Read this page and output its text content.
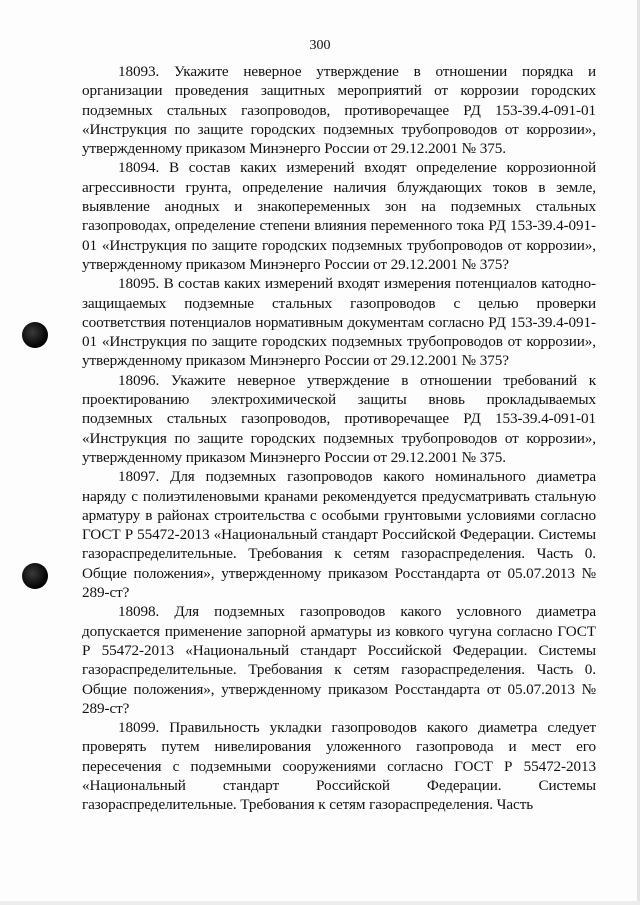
300

18093. Укажите неверное утверждение в отношении порядка и организации проведения защитных мероприятий от коррозии городских подземных стальных газопроводов, противоречащее РД 153-39.4-091-01 «Инструкция по защите городских подземных трубопроводов от коррозии», утвержденному приказом Минэнерго России от 29.12.2001 № 375.

18094. В состав каких измерений входят определение коррозионной агрессивности грунта, определение наличия блуждающих токов в земле, выявление анодных и знакопеременных зон на подземных стальных газопроводах, определение степени влияния переменного тока РД 153-39.4-091-01 «Инструкция по защите городских подземных трубопроводов от коррозии», утвержденному приказом Минэнерго России от 29.12.2001 № 375?

18095. В состав каких измерений входят измерения потенциалов катодно-защищаемых подземные стальных газопроводов с целью проверки соответствия потенциалов нормативным документам согласно РД 153-39.4-091-01 «Инструкция по защите городских подземных трубопроводов от коррозии», утвержденному приказом Минэнерго России от 29.12.2001 № 375?

18096. Укажите неверное утверждение в отношении требований к проектированию электрохимической защиты вновь прокладываемых подземных стальных газопроводов, противоречащее РД 153-39.4-091-01 «Инструкция по защите городских подземных трубопроводов от коррозии», утвержденному приказом Минэнерго России от 29.12.2001 № 375.

18097. Для подземных газопроводов какого номинального диаметра наряду с полиэтиленовыми кранами рекомендуется предусматривать стальную арматуру в районах строительства с особыми грунтовыми условиями согласно ГОСТ Р 55472-2013 «Национальный стандарт Российской Федерации. Системы газораспределительные. Требования к сетям газораспределения. Часть 0. Общие положения», утвержденному приказом Росстандарта от 05.07.2013 № 289-ст?

18098. Для подземных газопроводов какого условного диаметра допускается применение запорной арматуры из ковкого чугуна согласно ГОСТ Р 55472-2013 «Национальный стандарт Российской Федерации. Системы газораспределительные. Требования к сетям газораспределения. Часть 0. Общие положения», утвержденному приказом Росстандарта от 05.07.2013 № 289-ст?

18099. Правильность укладки газопроводов какого диаметра следует проверять путем нивелирования уложенного газопровода и мест его пересечения с подземными сооружениями согласно ГОСТ Р 55472-2013 «Национальный стандарт Российской Федерации. Системы газораспределительные. Требования к сетям газораспределения. Часть
